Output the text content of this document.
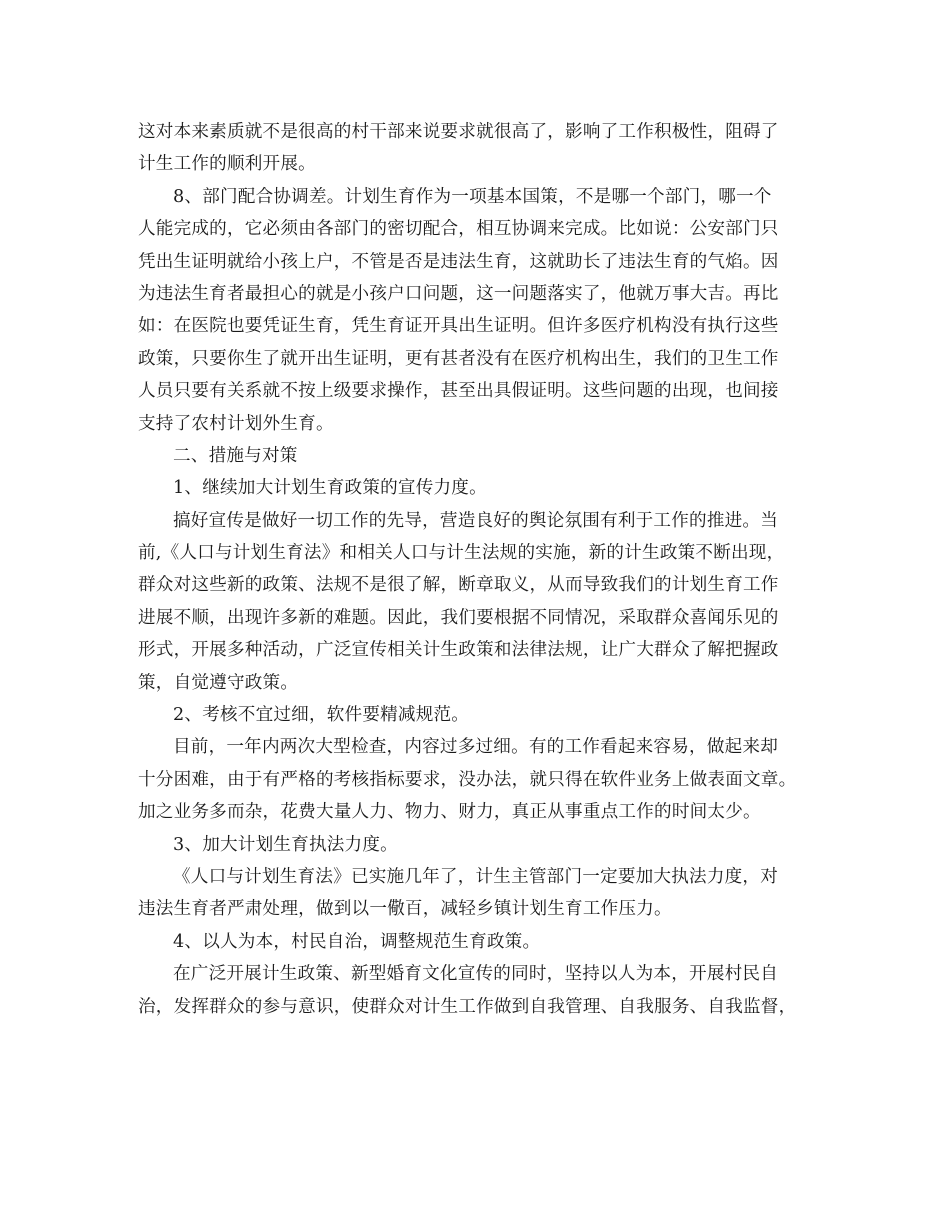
这对本来素质就不是很高的村干部来说要求就很高了，影响了工作积极性，阻碍了
计生工作的顺利开展。
8、部门配合协调差。计划生育作为一项基本国策，不是哪一个部门，哪一个
人能完成的，它必须由各部门的密切配合，相互协调来完成。比如说：公安部门只
凭出生证明就给小孩上户，不管是否是违法生育，这就助长了违法生育的气焰。因
为违法生育者最担心的就是小孩户口问题，这一问题落实了，他就万事大吉。再比
如：在医院也要凭证生育，凭生育证开具出生证明。但许多医疗机构没有执行这些
政策，只要你生了就开出生证明，更有甚者没有在医疗机构出生，我们的卫生工作
人员只要有关系就不按上级要求操作，甚至出具假证明。这些问题的出现，也间接
支持了农村计划外生育。
二、措施与对策
1、继续加大计划生育政策的宣传力度。
搞好宣传是做好一切工作的先导，营造良好的舆论氛围有利于工作的推进。当
前,《人口与计划生育法》和相关人口与计生法规的实施，新的计生政策不断出现，
群众对这些新的政策、法规不是很了解，断章取义，从而导致我们的计划生育工作
进展不顺，出现许多新的难题。因此，我们要根据不同情况，采取群众喜闻乐见的
形式，开展多种活动，广泛宣传相关计生政策和法律法规，让广大群众了解把握政
策，自觉遵守政策。
2、考核不宜过细，软件要精减规范。
目前，一年内两次大型检查，内容过多过细。有的工作看起来容易，做起来却
十分困难，由于有严格的考核指标要求，没办法，就只得在软件业务上做表面文章。
加之业务多而杂，花费大量人力、物力、财力，真正从事重点工作的时间太少。
3、加大计划生育执法力度。
《人口与计划生育法》已实施几年了，计生主管部门一定要加大执法力度，对
违法生育者严肃处理，做到以一儆百，减轻乡镇计划生育工作压力。
4、以人为本，村民自治，调整规范生育政策。
在广泛开展计生政策、新型婚育文化宣传的同时，坚持以人为本，开展村民自
治，发挥群众的参与意识，使群众对计生工作做到自我管理、自我服务、自我监督，
